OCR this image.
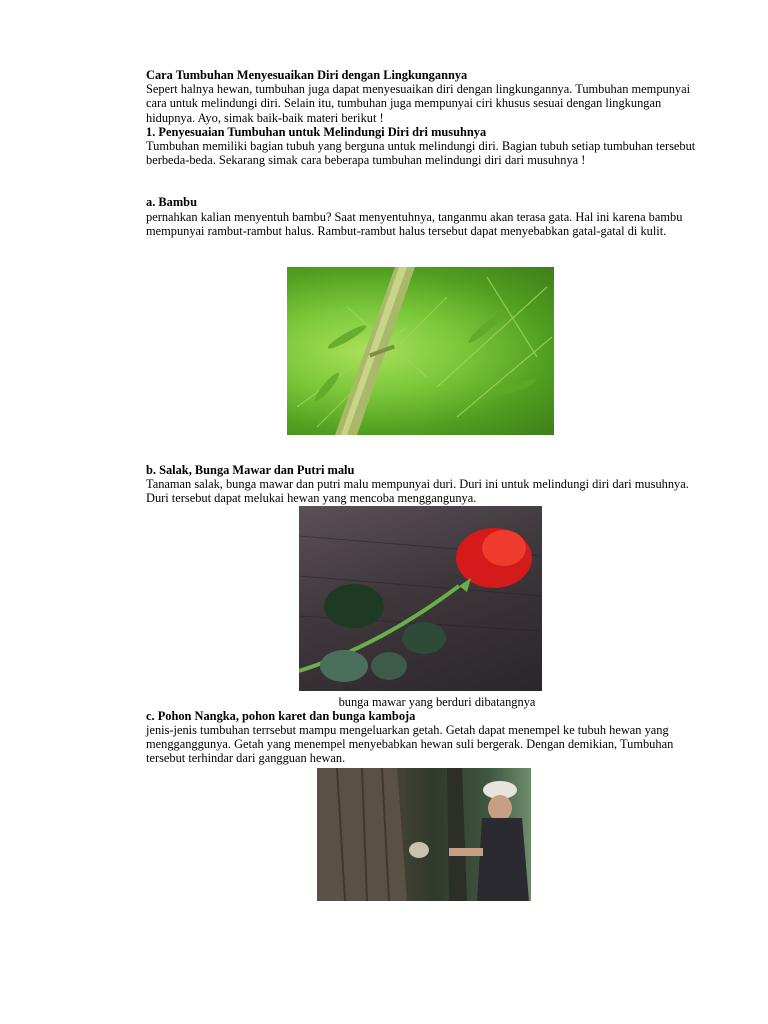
Cara Tumbuhan Menyesuaikan Diri dengan Lingkungannya

Sepert halnya hewan, tumbuhan juga dapat menyesuaikan diri dengan lingkungannya. Tumbuhan mempunyai cara untuk melindungi diri. Selain itu, tumbuhan juga mempunyai ciri khusus sesuai dengan lingkungan hidupnya. Ayo, simak baik-baik materi berikut !

1. Penyesuaian Tumbuhan untuk Melindungi Diri dri musuhnya

Tumbuhan memiliki bagian tubuh yang berguna untuk melindungi diri. Bagian tubuh setiap tumbuhan tersebut berbeda-beda. Sekarang simak cara beberapa tumbuhan melindungi diri dari musuhnya !

a. Bambu

pernahkan kalian menyentuh bambu? Saat menyentuhnya, tanganmu akan terasa gata. Hal ini karena bambu mempunyai rambut-rambut halus. Rambut-rambut halus tersebut dapat menyebabkan gatal-gatal di kulit.

b. Salak, Bunga Mawar dan Putri malu

Tanaman salak, bunga mawar dan putri malu mempunyai duri. Duri ini untuk melindungi diri dari musuhnya. Duri tersebut dapat melukai hewan yang mencoba menggangunya.

bunga mawar yang berduri dibatangnya

c. Pohon Nangka, pohon karet dan bunga kamboja

jenis-jenis tumbuhan terrsebut mampu mengeluarkan getah. Getah dapat menempel ke tubuh hewan yang mengganggunya. Getah yang menempel menyebabkan hewan suli bergerak. Dengan demikian, Tumbuhan tersebut terhindar dari gangguan hewan.
